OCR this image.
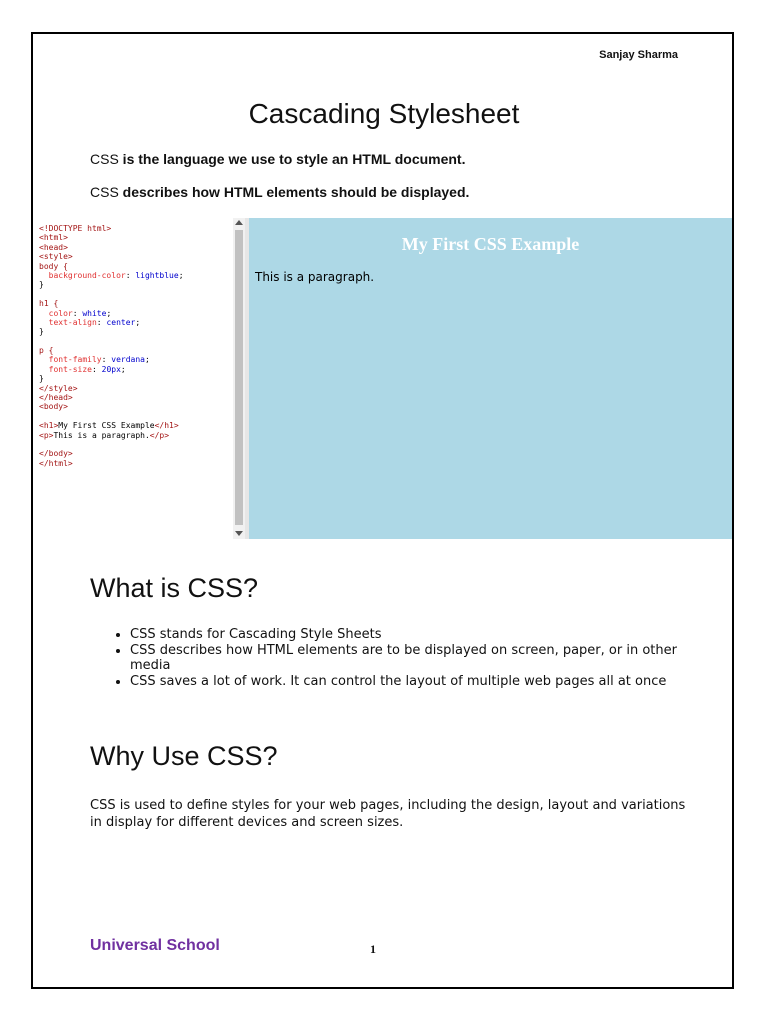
Sanjay Sharma
Cascading Stylesheet

CSS is the language we use to style an HTML document.

CSS describes how HTML elements should be displayed.

<!DOCTYPE html>
<html>
<head>
<style>
body {
background-color: lightblue;
}
h1 {
color: white;
text-align: center;
}
p {
font-family: verdana;
font-size: 20px;
}
</style>
</head>
<body>
<h1>My First CSS Example</h1>
<p>This is a paragraph.</p>
</body>
</html>
My First CSS Example

This is a paragraph.

What is CSS?
• CSS stands for Cascading Style Sheets
• CSS describes how HTML elements are to be displayed on screen, paper, or in other media
• CSS saves a lot of work. It can control the layout of multiple web pages all at once
Why Use CSS?

CSS is used to define styles for your web pages, including the design, layout and variations in display for different devices and screen sizes.

Universal School	1
